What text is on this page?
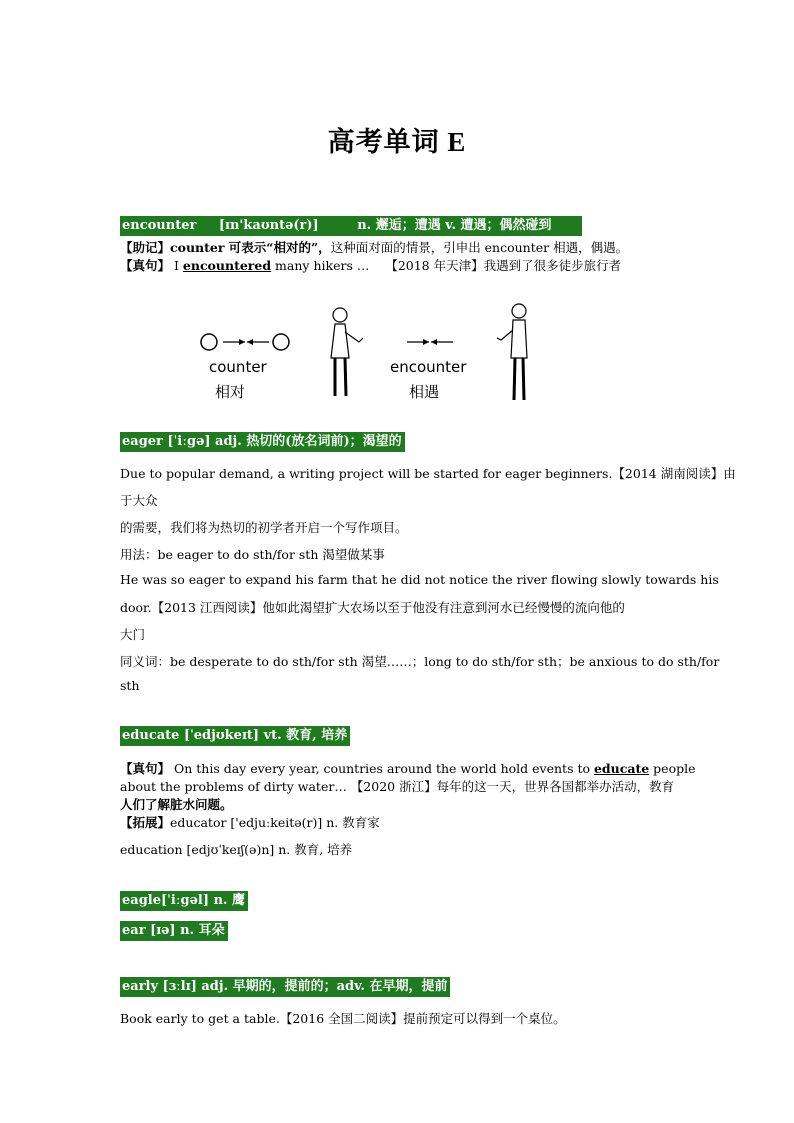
高考单词 E
encounter [ɪn'kaʊntə(r)]	n. 邂逅；遭遇 v. 遭遇；偶然碰到
【助记】counter 可表示“相对的”，这种面对面的情景，引申出 encounter 相遇，偶遇。
【真句】 I encountered many hikers … 【2018 年天津】我遇到了很多徒步旅行者
counter
相对
encounter
相遇
eager [ˈiːgə] adj. 热切的(放名词前)；渴望的
Due to popular demand, a writing project will be started for eager beginners.【2014 湖南阅读】由
于大众
的需要，我们将为热切的初学者开启一个写作项目。
用法：be eager to do sth/for sth 渴望做某事
He was so eager to expand his farm that he did not notice the river flowing slowly towards his
door.【2013 江西阅读】他如此渴望扩大农场以至于他没有注意到河水已经慢慢的流向他的
大门
同义词：be desperate to do sth/for sth 渴望……；long to do sth/for sth；be anxious to do sth/for
sth
educate [ˈedjʊkeɪt] vt. 教育, 培养
【真句】 On this day every year, countries around the world hold events to educate people
about the problems of dirty water… 【2020 浙江】每年的这一天，世界各国都举办活动，教育
人们了解脏水问题。
【拓展】educator ['edjuːkeitə(r)] n. 教育家
education [edjʊˈkeɪʃ(ə)n] n. 教育, 培养
eagle[ˈiːgəl] n. 鹰
ear [ɪə] n. 耳朵
early [ɜːlɪ] adj. 早期的，提前的；adv. 在早期，提前
Book early to get a table.【2016 全国二阅读】提前预定可以得到一个桌位。
